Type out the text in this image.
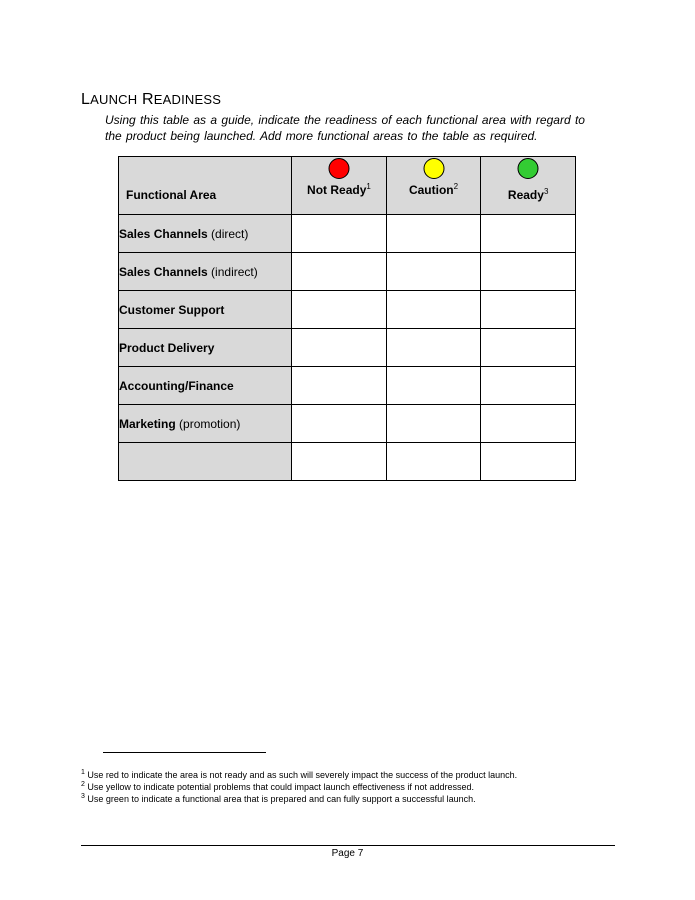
LAUNCH READINESS
Using this table as a guide, indicate the readiness of each functional area with regard to the product being launched. Add more functional areas to the table as required.
Functional Area	Not Ready$^1$	Caution$^2$	Ready$^3$

Sales Channels (direct)			
Sales Channels (indirect)			
Customer Support			
Product Delivery			
Accounting/Finance			
Marketing (promotion)			

$^1$ Use red to indicate the area is not ready and as such will severely impact the success of the product launch.
$^2$ Use yellow to indicate potential problems that could impact launch effectiveness if not addressed.
$^3$ Use green to indicate a functional area that is prepared and can fully support a successful launch.
Page 7
